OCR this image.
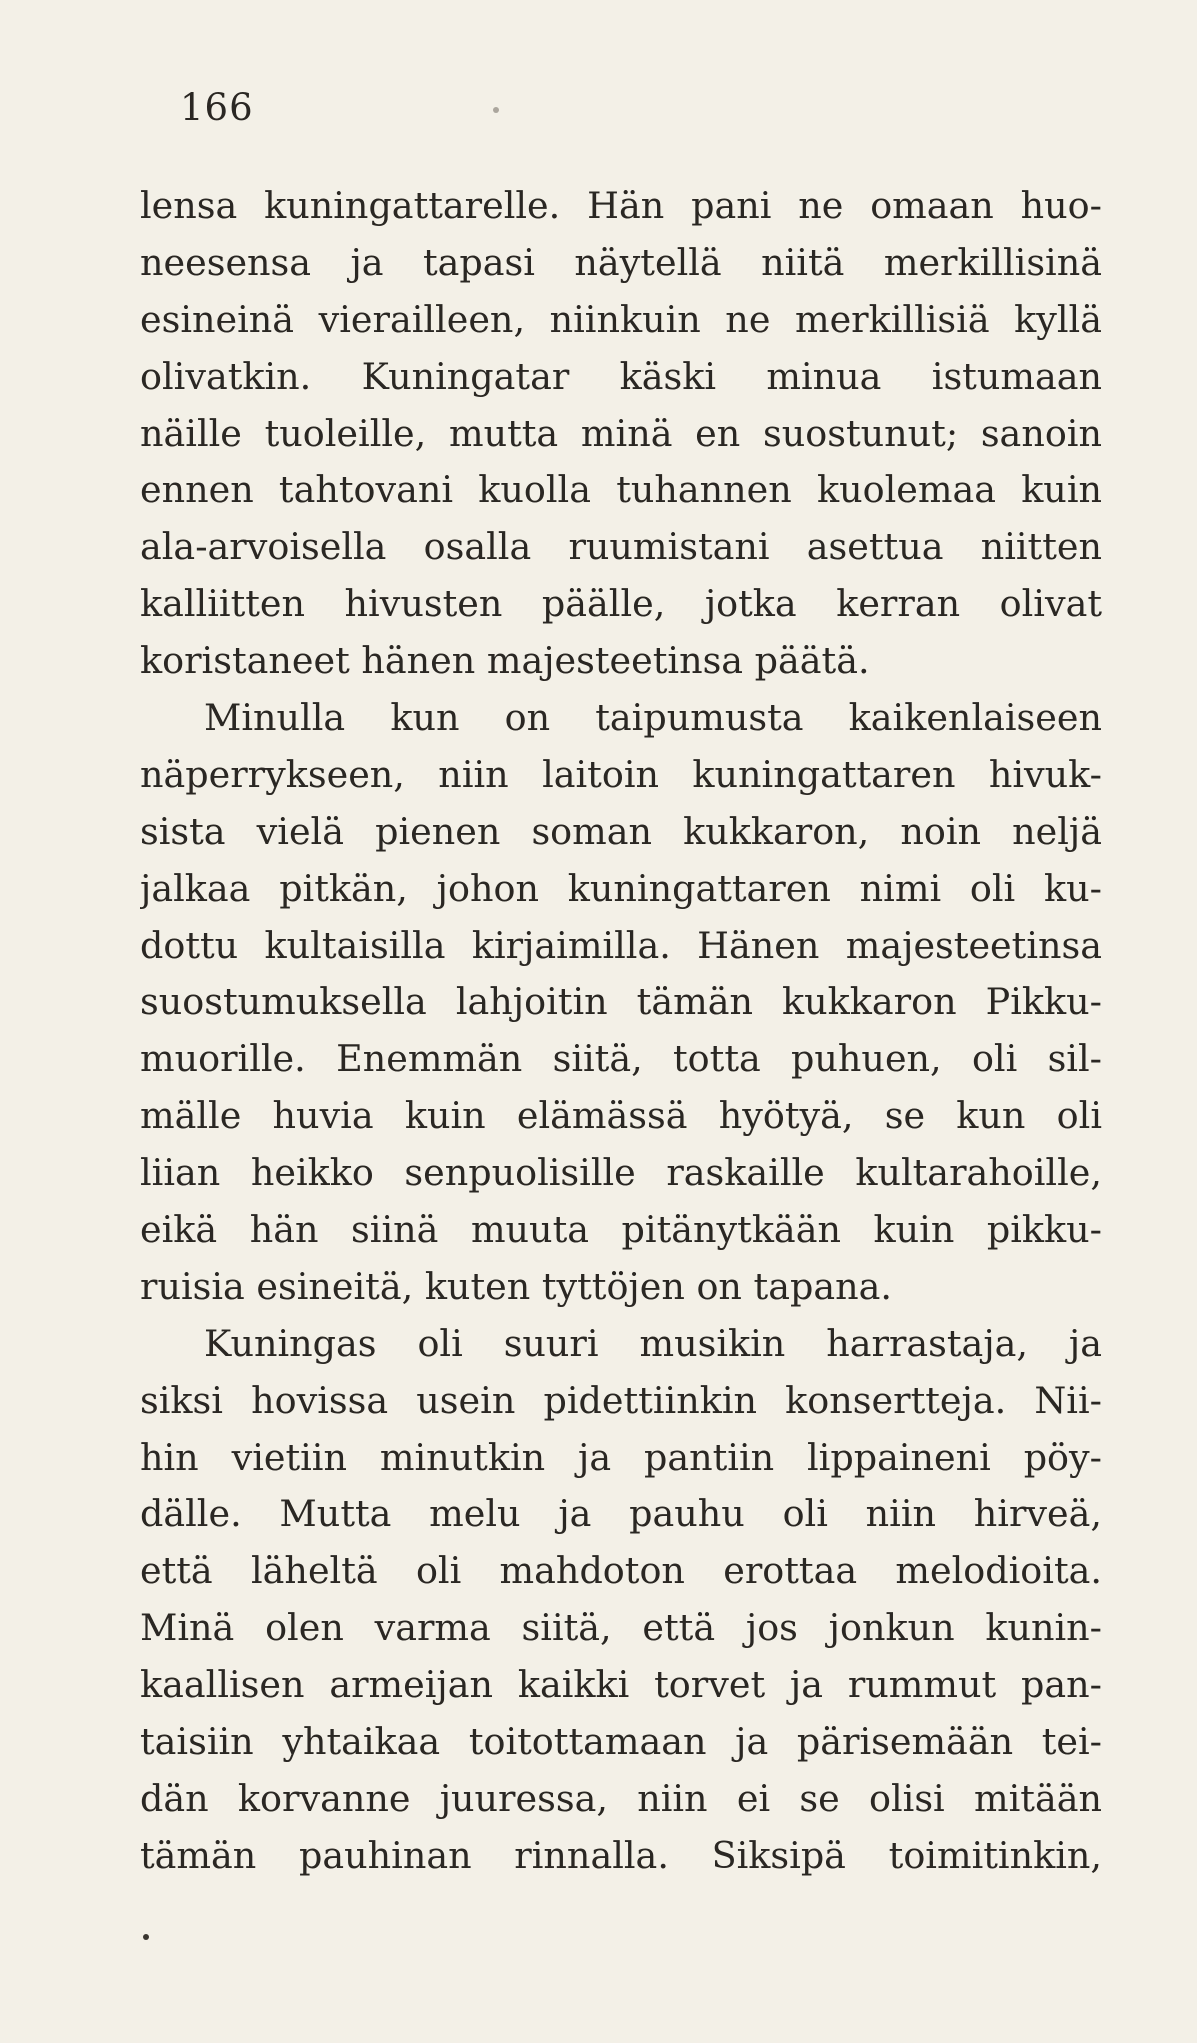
166
lensa kuningattarelle. Hän pani ne omaan huo-
neesensa ja tapasi näytellä niitä merkillisinä
esineinä vierailleen, niinkuin ne merkillisiä kyllä
olivatkin. Kuningatar käski minua istumaan
näille tuoleille, mutta minä en suostunut; sanoin
ennen tahtovani kuolla tuhannen kuolemaa kuin
ala-arvoisella osalla ruumistani asettua niitten
kalliitten hivusten päälle, jotka kerran olivat
koristaneet hänen majesteetinsa päätä.
Minulla kun on taipumusta kaikenlaiseen
näperrykseen, niin laitoin kuningattaren hivuk-
sista vielä pienen soman kukkaron, noin neljä
jalkaa pitkän, johon kuningattaren nimi oli ku-
dottu kultaisilla kirjaimilla. Hänen majesteetinsa
suostumuksella lahjoitin tämän kukkaron Pikku-
muorille. Enemmän siitä, totta puhuen, oli sil-
mälle huvia kuin elämässä hyötyä, se kun oli
liian heikko senpuolisille raskaille kultarahoille,
eikä hän siinä muuta pitänytkään kuin pikku-
ruisia esineitä, kuten tyttöjen on tapana.
Kuningas oli suuri musikin harrastaja, ja
siksi hovissa usein pidettiinkin konsertteja. Nii-
hin vietiin minutkin ja pantiin lippaineni pöy-
dälle. Mutta melu ja pauhu oli niin hirveä,
että läheltä oli mahdoton erottaa melodioita.
Minä olen varma siitä, että jos jonkun kunin-
kaallisen armeijan kaikki torvet ja rummut pan-
taisiin yhtaikaa toitottamaan ja pärisemään tei-
dän korvanne juuressa, niin ei se olisi mitään
tämän pauhinan rinnalla. Siksipä toimitinkin,
